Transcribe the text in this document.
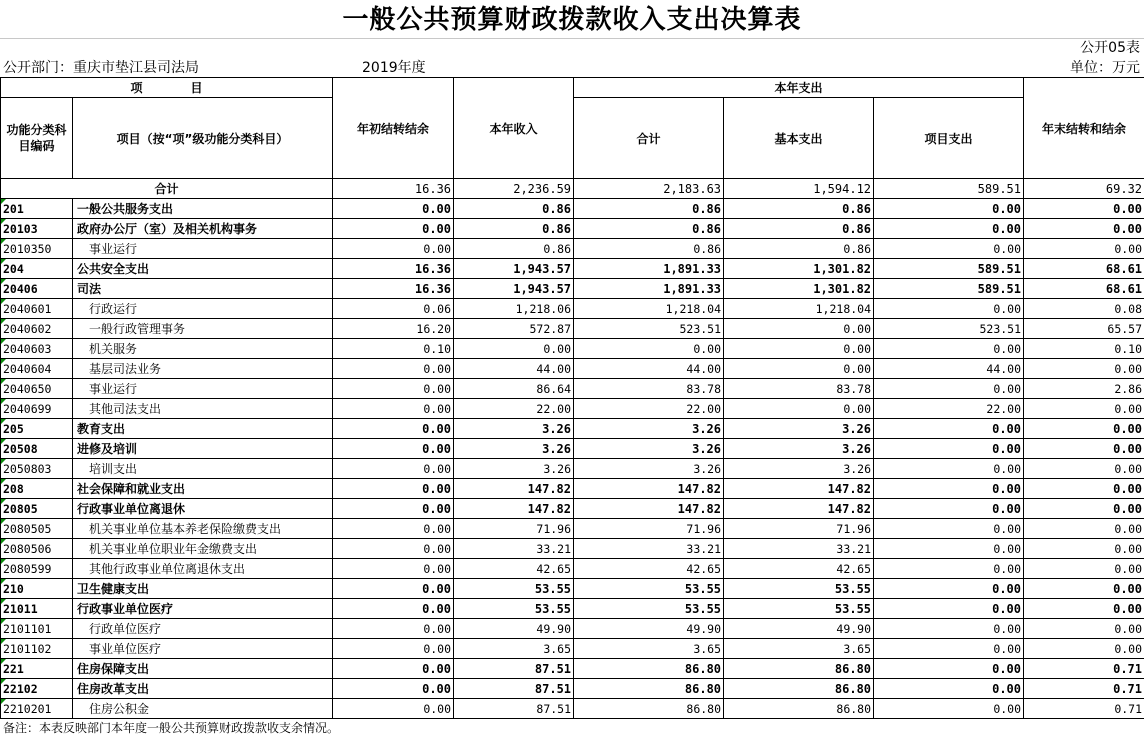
一般公共预算财政拨款收入支出决算表
公开05表
公开部门：重庆市垫江县司法局	2019年度	单位：万元
项　　　　目		年初结转结余	本年收入	本年支出			年末结转和结余
功能分类科目编码	项目（按“项”级功能分类科目）			合计	基本支出	项目支出	

合计		16.36	2,236.59	2,183.63	1,594.12	589.51	69.32
201	一般公共服务支出	0.00	0.86	0.86	0.86	0.00	0.00
20103	政府办公厅（室）及相关机构事务	0.00	0.86	0.86	0.86	0.00	0.00
2010350	事业运行	0.00	0.86	0.86	0.86	0.00	0.00
204	公共安全支出	16.36	1,943.57	1,891.33	1,301.82	589.51	68.61
20406	司法	16.36	1,943.57	1,891.33	1,301.82	589.51	68.61
2040601	行政运行	0.06	1,218.06	1,218.04	1,218.04	0.00	0.08
2040602	一般行政管理事务	16.20	572.87	523.51	0.00	523.51	65.57
2040603	机关服务	0.10	0.00	0.00	0.00	0.00	0.10
2040604	基层司法业务	0.00	44.00	44.00	0.00	44.00	0.00
2040650	事业运行	0.00	86.64	83.78	83.78	0.00	2.86
2040699	其他司法支出	0.00	22.00	22.00	0.00	22.00	0.00
205	教育支出	0.00	3.26	3.26	3.26	0.00	0.00
20508	进修及培训	0.00	3.26	3.26	3.26	0.00	0.00
2050803	培训支出	0.00	3.26	3.26	3.26	0.00	0.00
208	社会保障和就业支出	0.00	147.82	147.82	147.82	0.00	0.00
20805	行政事业单位离退休	0.00	147.82	147.82	147.82	0.00	0.00
2080505	机关事业单位基本养老保险缴费支出	0.00	71.96	71.96	71.96	0.00	0.00
2080506	机关事业单位职业年金缴费支出	0.00	33.21	33.21	33.21	0.00	0.00
2080599	其他行政事业单位离退休支出	0.00	42.65	42.65	42.65	0.00	0.00
210	卫生健康支出	0.00	53.55	53.55	53.55	0.00	0.00
21011	行政事业单位医疗	0.00	53.55	53.55	53.55	0.00	0.00
2101101	行政单位医疗	0.00	49.90	49.90	49.90	0.00	0.00
2101102	事业单位医疗	0.00	3.65	3.65	3.65	0.00	0.00
221	住房保障支出	0.00	87.51	86.80	86.80	0.00	0.71
22102	住房改革支出	0.00	87.51	86.80	86.80	0.00	0.71
2210201	住房公积金	0.00	87.51	86.80	86.80	0.00	0.71
备注：本表反映部门本年度一般公共预算财政拨款收支余情况。
